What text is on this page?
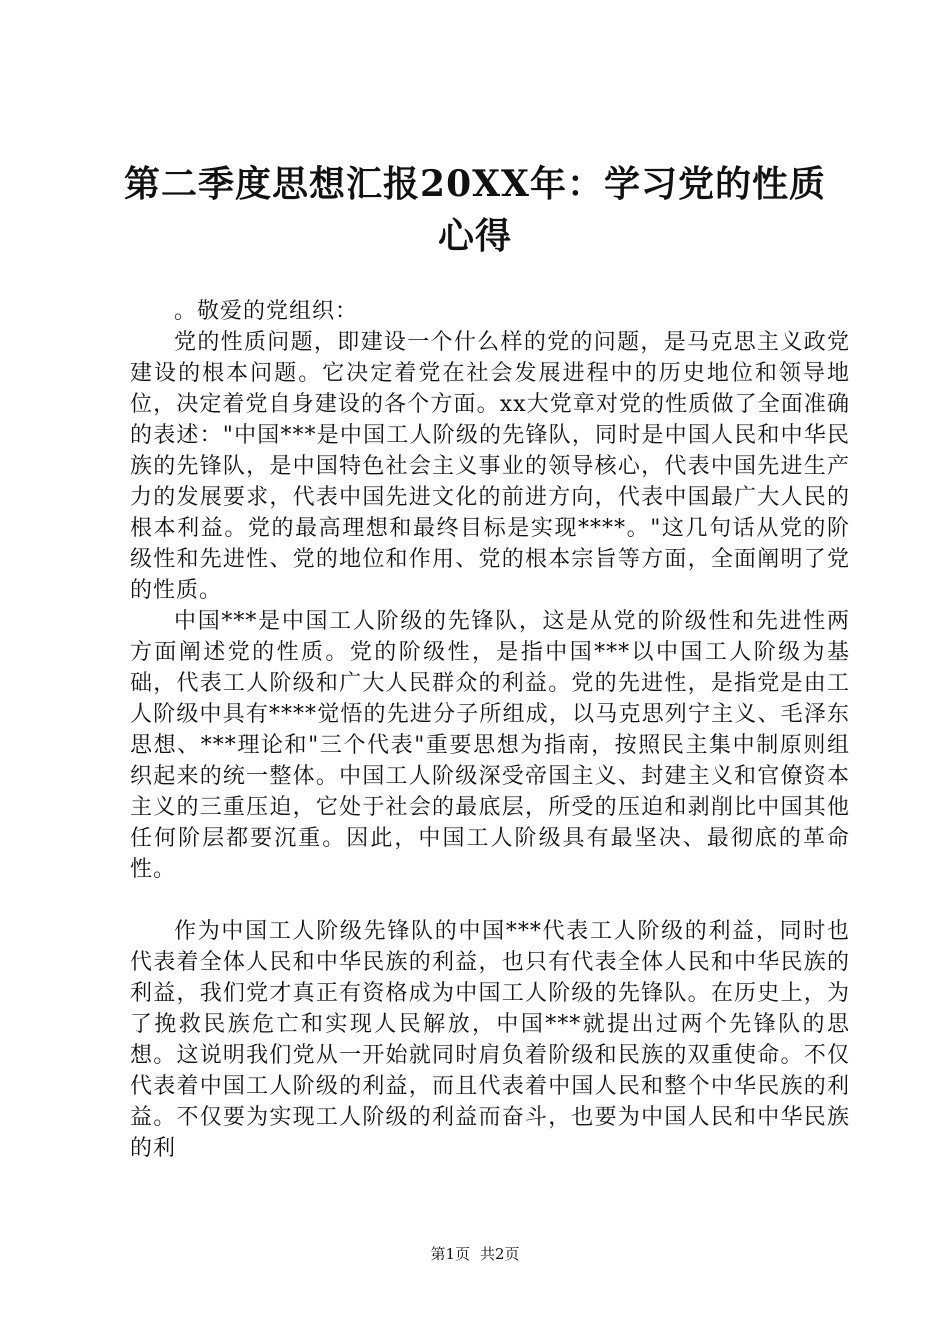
第二季度思想汇报20XX年：学习党的性质心得

。敬爱的党组织：

党的性质问题，即建设一个什么样的党的问题，是马克思主义政党建设的根本问题。它决定着党在社会发展进程中的历史地位和领导地位，决定着党自身建设的各个方面。xx大党章对党的性质做了全面准确的表述："中国***是中国工人阶级的先锋队，同时是中国人民和中华民族的先锋队，是中国特色社会主义事业的领导核心，代表中国先进生产力的发展要求，代表中国先进文化的前进方向，代表中国最广大人民的根本利益。党的最高理想和最终目标是实现****。"这几句话从党的阶级性和先进性、党的地位和作用、党的根本宗旨等方面，全面阐明了党的性质。

中国***是中国工人阶级的先锋队，这是从党的阶级性和先进性两方面阐述党的性质。党的阶级性，是指中国***以中国工人阶级为基础，代表工人阶级和广大人民群众的利益。党的先进性，是指党是由工人阶级中具有****觉悟的先进分子所组成，以马克思列宁主义、毛泽东思想、***理论和"三个代表"重要思想为指南，按照民主集中制原则组织起来的统一整体。中国工人阶级深受帝国主义、封建主义和官僚资本主义的三重压迫，它处于社会的最底层，所受的压迫和剥削比中国其他任何阶层都要沉重。因此，中国工人阶级具有最坚决、最彻底的革命性。

作为中国工人阶级先锋队的中国***代表工人阶级的利益，同时也代表着全体人民和中华民族的利益，也只有代表全体人民和中华民族的利益，我们党才真正有资格成为中国工人阶级的先锋队。在历史上，为了挽救民族危亡和实现人民解放，中国***就提出过两个先锋队的思想。这说明我们党从一开始就同时肩负着阶级和民族的双重使命。不仅代表着中国工人阶级的利益，而且代表着中国人民和整个中华民族的利益。不仅要为实现工人阶级的利益而奋斗，也要为中国人民和中华民族的利

第1页 共2页
